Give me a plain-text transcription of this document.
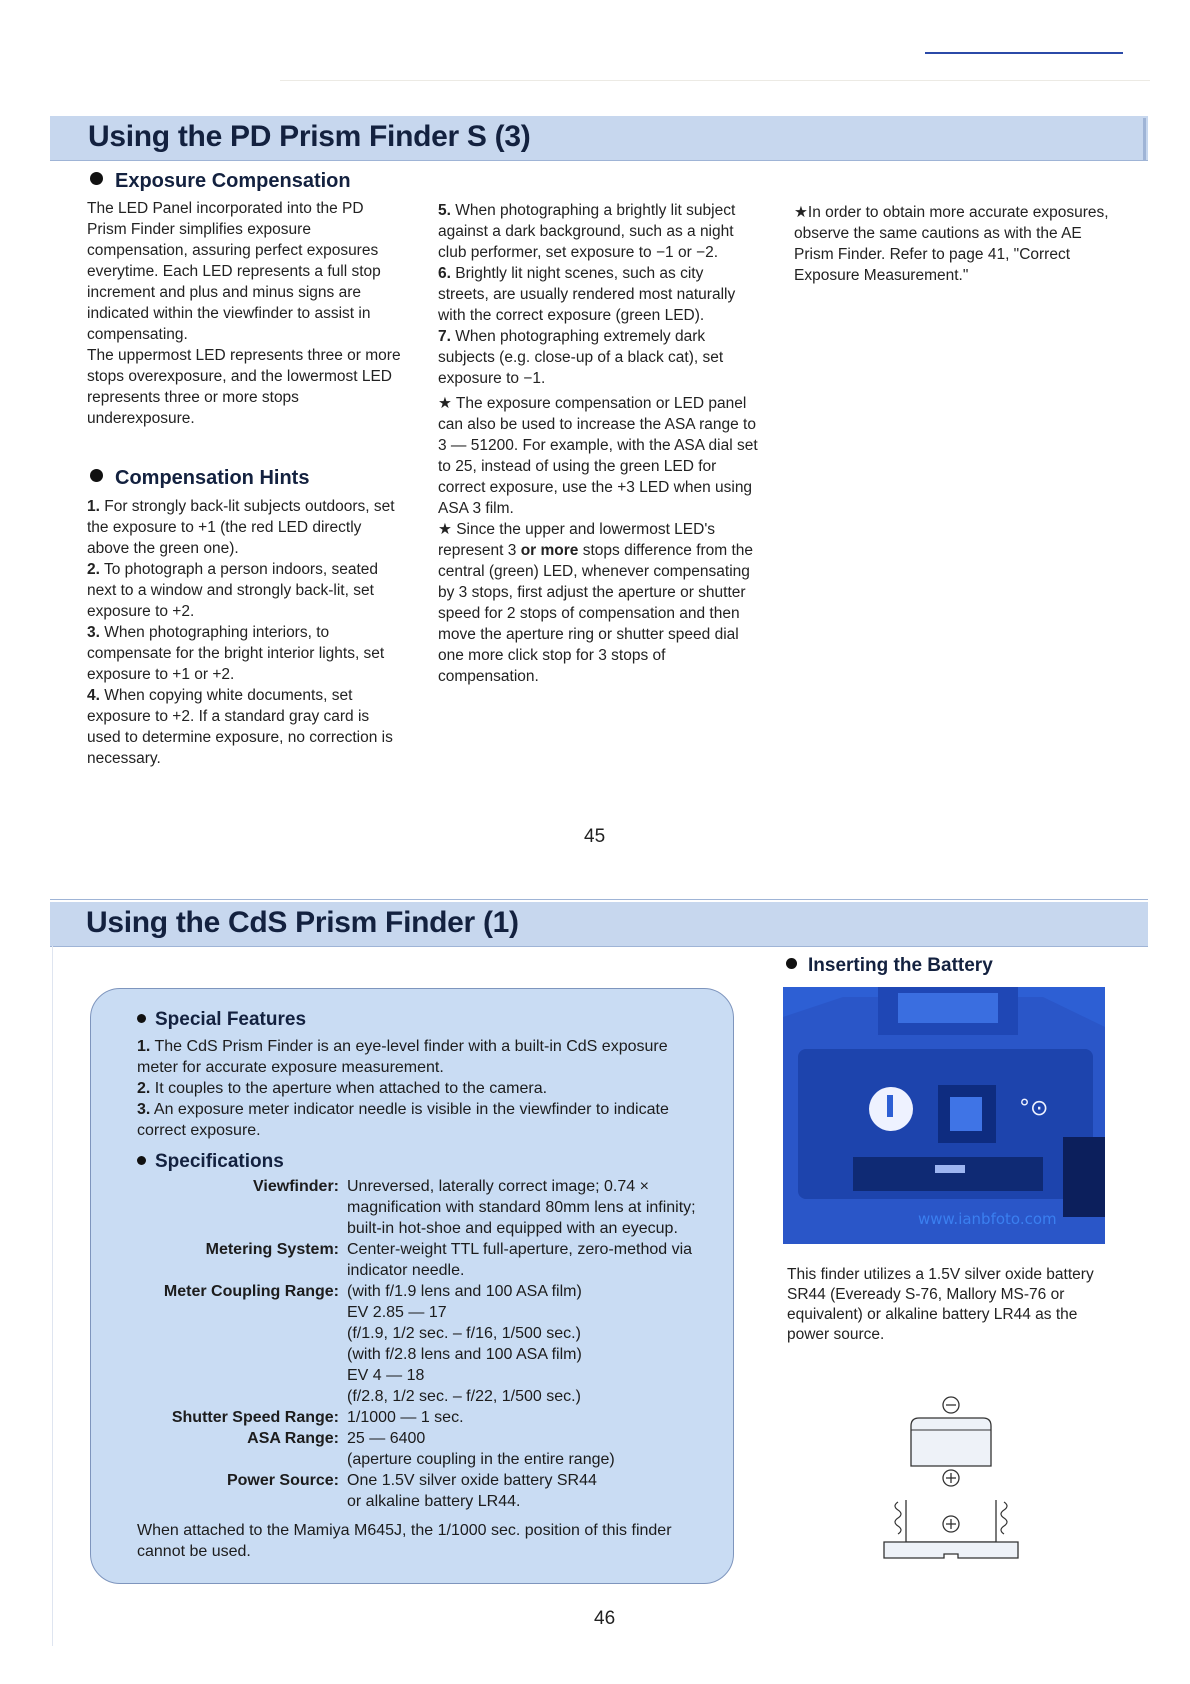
Using the PD Prism Finder S (3)
Exposure Compensation

The LED Panel incorporated into the PD Prism Finder simplifies exposure compensation, assuring perfect exposures everytime. Each LED represents a full stop increment and plus and minus signs are indicated within the viewfinder to assist in compensating.

The uppermost LED represents three or more stops overexposure, and the lowermost LED represents three or more stops underexposure.

Compensation Hints

1. For strongly back-lit subjects outdoors, set the exposure to +1 (the red LED directly above the green one).

2. To photograph a person indoors, seated next to a window and strongly back-lit, set exposure to +2.

3. When photographing interiors, to compensate for the bright interior lights, set exposure to +1 or +2.

4. When copying white documents, set exposure to +2. If a standard gray card is used to determine exposure, no correction is necessary.

5. When photographing a brightly lit subject against a dark background, such as a night club performer, set exposure to −1 or −2.

6. Brightly lit night scenes, such as city streets, are usually rendered most naturally with the correct exposure (green LED).

7. When photographing extremely dark subjects (e.g. close-up of a black cat), set exposure to −1.

★ The exposure compensation or LED panel can also be used to increase the ASA range to 3 — 51200. For example, with the ASA dial set to 25, instead of using the green LED for correct exposure, use the +3 LED when using ASA 3 film.

★ Since the upper and lowermost LED's represent 3 or more stops difference from the central (green) LED, whenever compensating by 3 stops, first adjust the aperture or shutter speed for 2 stops of compensation and then move the aperture ring or shutter speed dial one more click stop for 3 stops of compensation.

★In order to obtain more accurate exposures, observe the same cautions as with the AE Prism Finder. Refer to page 41, "Correct Exposure Measurement."

45
Using the CdS Prism Finder (1)
Special Features

1. The CdS Prism Finder is an eye-level finder with a built-in CdS exposure meter for accurate exposure measurement.

2. It couples to the aperture when attached to the camera.

3. An exposure meter indicator needle is visible in the viewfinder to indicate correct exposure.

Specifications
Viewfinder: Unreversed, laterally correct image; 0.74 × magnification with standard 80mm lens at infinity; built-in hot-shoe and equipped with an eyecup.
Metering System: Center-weight TTL full-aperture, zero-method via indicator needle.
Meter Coupling Range: (with f/1.9 lens and 100 ASA film)
EV 2.85 — 17
(f/1.9, 1/2 sec. – f/16, 1/500 sec.)
(with f/2.8 lens and 100 ASA film)
EV 4 — 18
(f/2.8, 1/2 sec. – f/22, 1/500 sec.)
Shutter Speed Range: 1/1000 — 1 sec.
ASA Range: 25 — 6400
(aperture coupling in the entire range)
Power Source: One 1.5V silver oxide battery SR44
or alkaline battery LR44.

When attached to the Mamiya M645J, the 1/1000 sec. position of this finder cannot be used.

Inserting the Battery
°⊙
www.ianbfoto.com
This finder utilizes a 1.5V silver oxide battery SR44 (Eveready S-76, Mallory MS-76 or equivalent) or alkaline battery LR44 as the power source.
46
